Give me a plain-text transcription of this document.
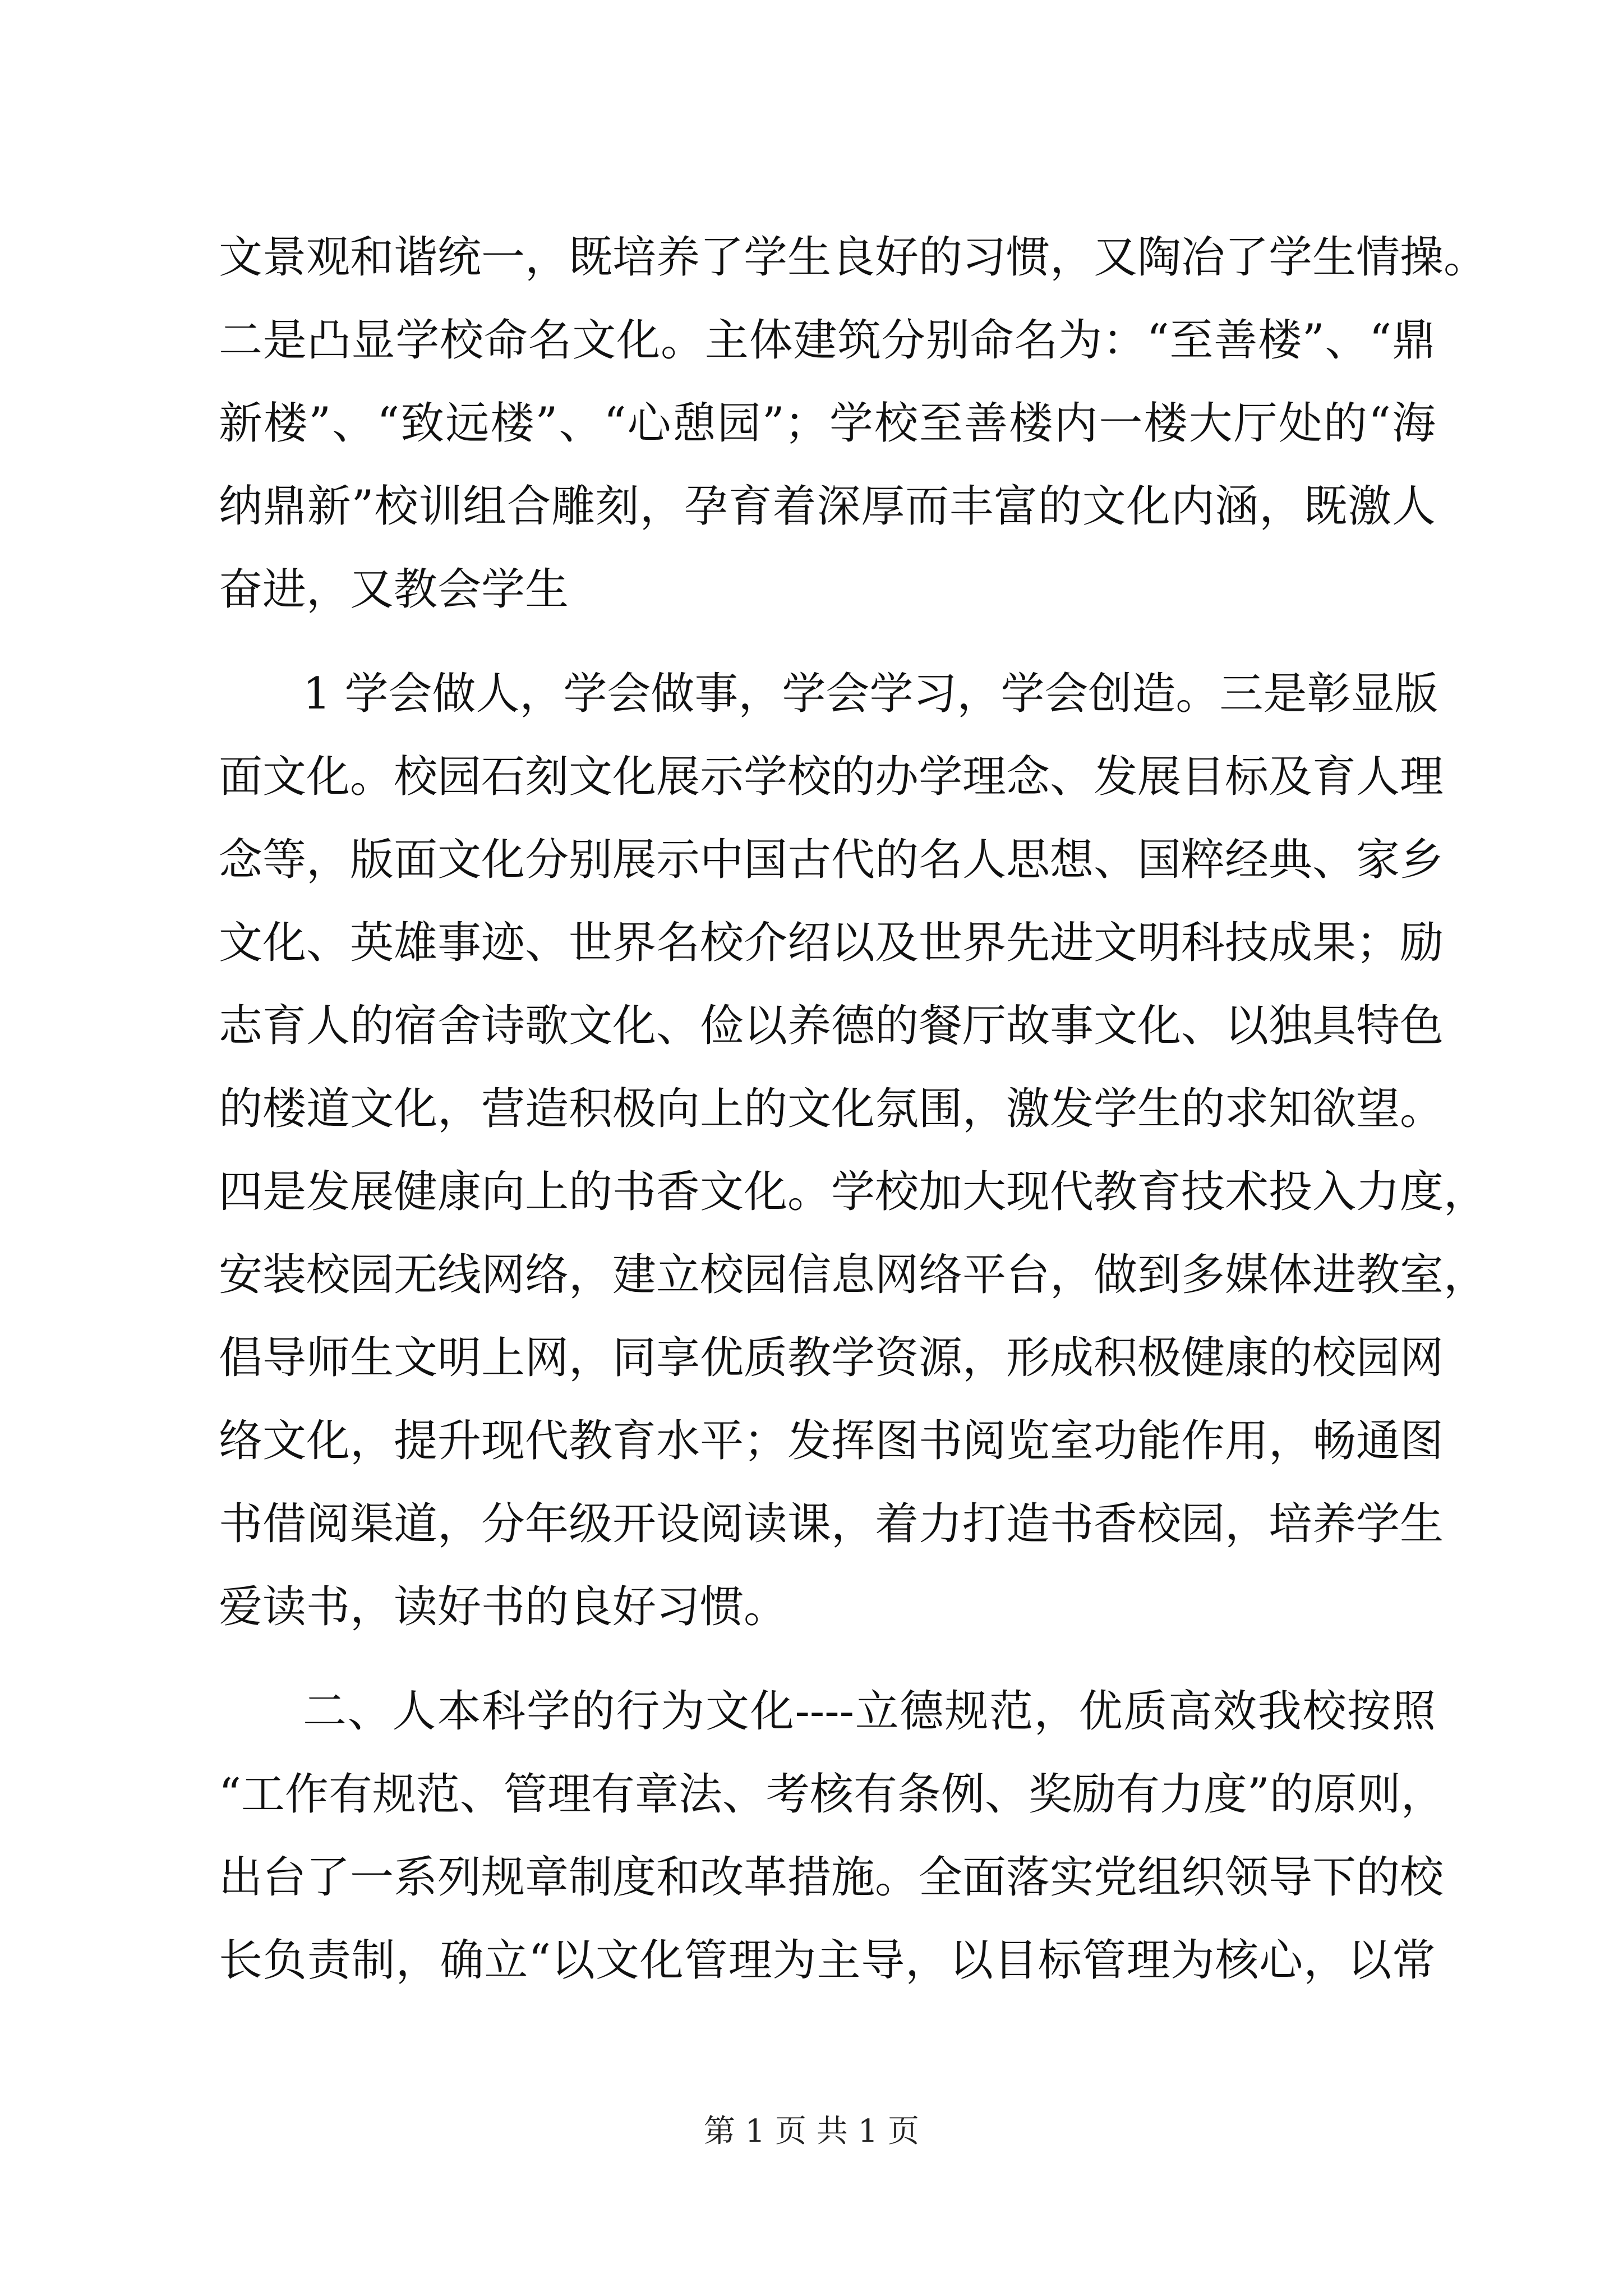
文景观和谐统一，既培养了学生良好的习惯，又陶冶了学生情操。
二是凸显学校命名文化。主体建筑分别命名为：“至善楼”、“鼎
新楼”、“致远楼”、“心憩园”；学校至善楼内一楼大厅处的“海
纳鼎新”校训组合雕刻，孕育着深厚而丰富的文化内涵，既激人
奋进，又教会学生
1 学会做人，学会做事，学会学习，学会创造。三是彰显版
面文化。校园石刻文化展示学校的办学理念、发展目标及育人理
念等，版面文化分别展示中国古代的名人思想、国粹经典、家乡
文化、英雄事迹、世界名校介绍以及世界先进文明科技成果；励
志育人的宿舍诗歌文化、俭以养德的餐厅故事文化、以独具特色
的楼道文化，营造积极向上的文化氛围，激发学生的求知欲望。
四是发展健康向上的书香文化。学校加大现代教育技术投入力度，
安装校园无线网络，建立校园信息网络平台，做到多媒体进教室，
倡导师生文明上网，同享优质教学资源，形成积极健康的校园网
络文化，提升现代教育水平；发挥图书阅览室功能作用，畅通图
书借阅渠道，分年级开设阅读课，着力打造书香校园，培养学生
爱读书，读好书的良好习惯。
二、人本科学的行为文化----立德规范，优质高效我校按照
“工作有规范、管理有章法、考核有条例、奖励有力度”的原则，
出台了一系列规章制度和改革措施。全面落实党组织领导下的校
长负责制，确立“以文化管理为主导，以目标管理为核心，以常
第 1 页 共 1 页
